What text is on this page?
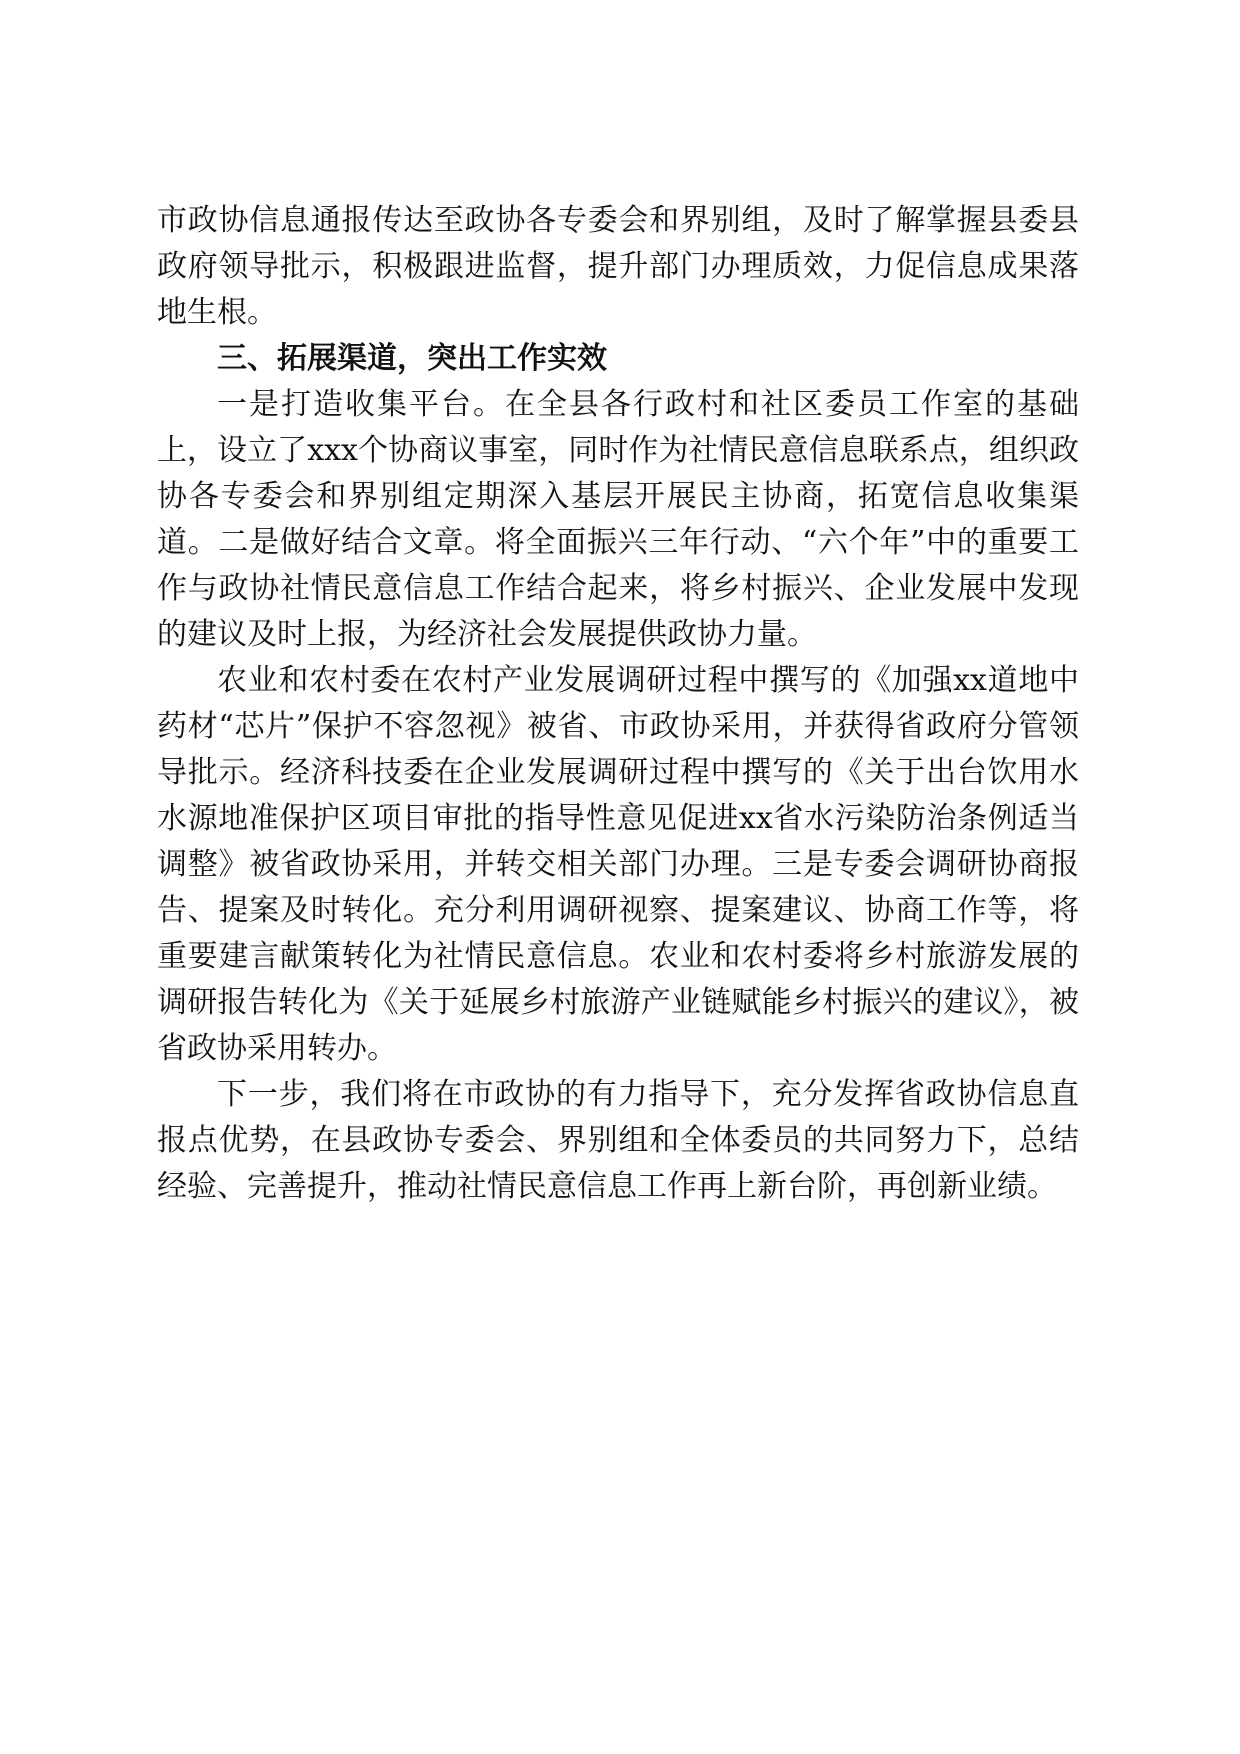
市政协信息通报传达至政协各专委会和界别组，及时了解掌握县委县政府领导批示，积极跟进监督，提升部门办理质效，力促信息成果落地生根。

三、拓展渠道，突出工作实效

一是打造收集平台。在全县各行政村和社区委员工作室的基础上，设立了xxx个协商议事室，同时作为社情民意信息联系点，组织政协各专委会和界别组定期深入基层开展民主协商，拓宽信息收集渠道。二是做好结合文章。将全面振兴三年行动、“六个年”中的重要工作与政协社情民意信息工作结合起来，将乡村振兴、企业发展中发现的建议及时上报，为经济社会发展提供政协力量。

农业和农村委在农村产业发展调研过程中撰写的《加强xx道地中药材“芯片”保护不容忽视》被省、市政协采用，并获得省政府分管领导批示。经济科技委在企业发展调研过程中撰写的《关于出台饮用水水源地准保护区项目审批的指导性意见促进xx省水污染防治条例适当调整》被省政协采用，并转交相关部门办理。三是专委会调研协商报告、提案及时转化。充分利用调研视察、提案建议、协商工作等，将重要建言献策转化为社情民意信息。农业和农村委将乡村旅游发展的调研报告转化为《关于延展乡村旅游产业链赋能乡村振兴的建议》，被省政协采用转办。

下一步，我们将在市政协的有力指导下，充分发挥省政协信息直报点优势，在县政协专委会、界别组和全体委员的共同努力下，总结经验、完善提升，推动社情民意信息工作再上新台阶，再创新业绩。
